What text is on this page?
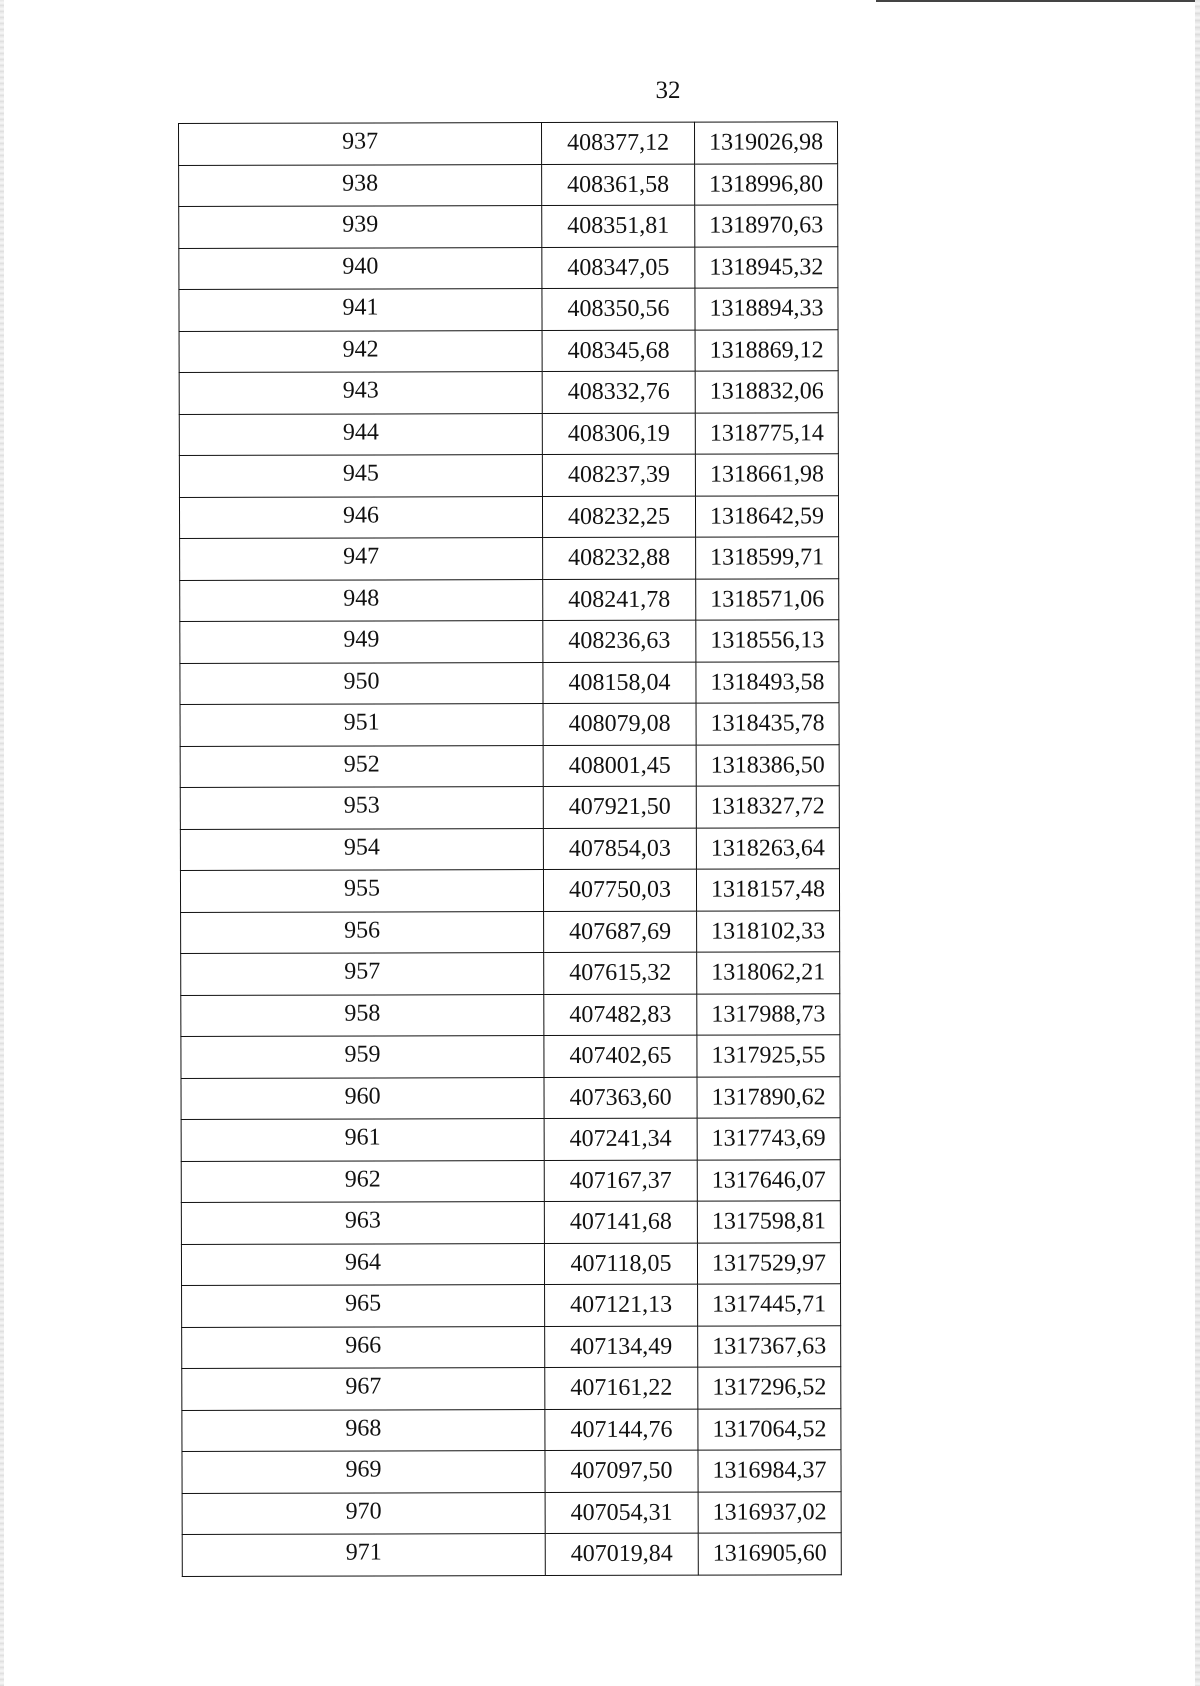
32
937	408377,12	1319026,98
938	408361,58	1318996,80
939	408351,81	1318970,63
940	408347,05	1318945,32
941	408350,56	1318894,33
942	408345,68	1318869,12
943	408332,76	1318832,06
944	408306,19	1318775,14
945	408237,39	1318661,98
946	408232,25	1318642,59
947	408232,88	1318599,71
948	408241,78	1318571,06
949	408236,63	1318556,13
950	408158,04	1318493,58
951	408079,08	1318435,78
952	408001,45	1318386,50
953	407921,50	1318327,72
954	407854,03	1318263,64
955	407750,03	1318157,48
956	407687,69	1318102,33
957	407615,32	1318062,21
958	407482,83	1317988,73
959	407402,65	1317925,55
960	407363,60	1317890,62
961	407241,34	1317743,69
962	407167,37	1317646,07
963	407141,68	1317598,81
964	407118,05	1317529,97
965	407121,13	1317445,71
966	407134,49	1317367,63
967	407161,22	1317296,52
968	407144,76	1317064,52
969	407097,50	1316984,37
970	407054,31	1316937,02
971	407019,84	1316905,60
